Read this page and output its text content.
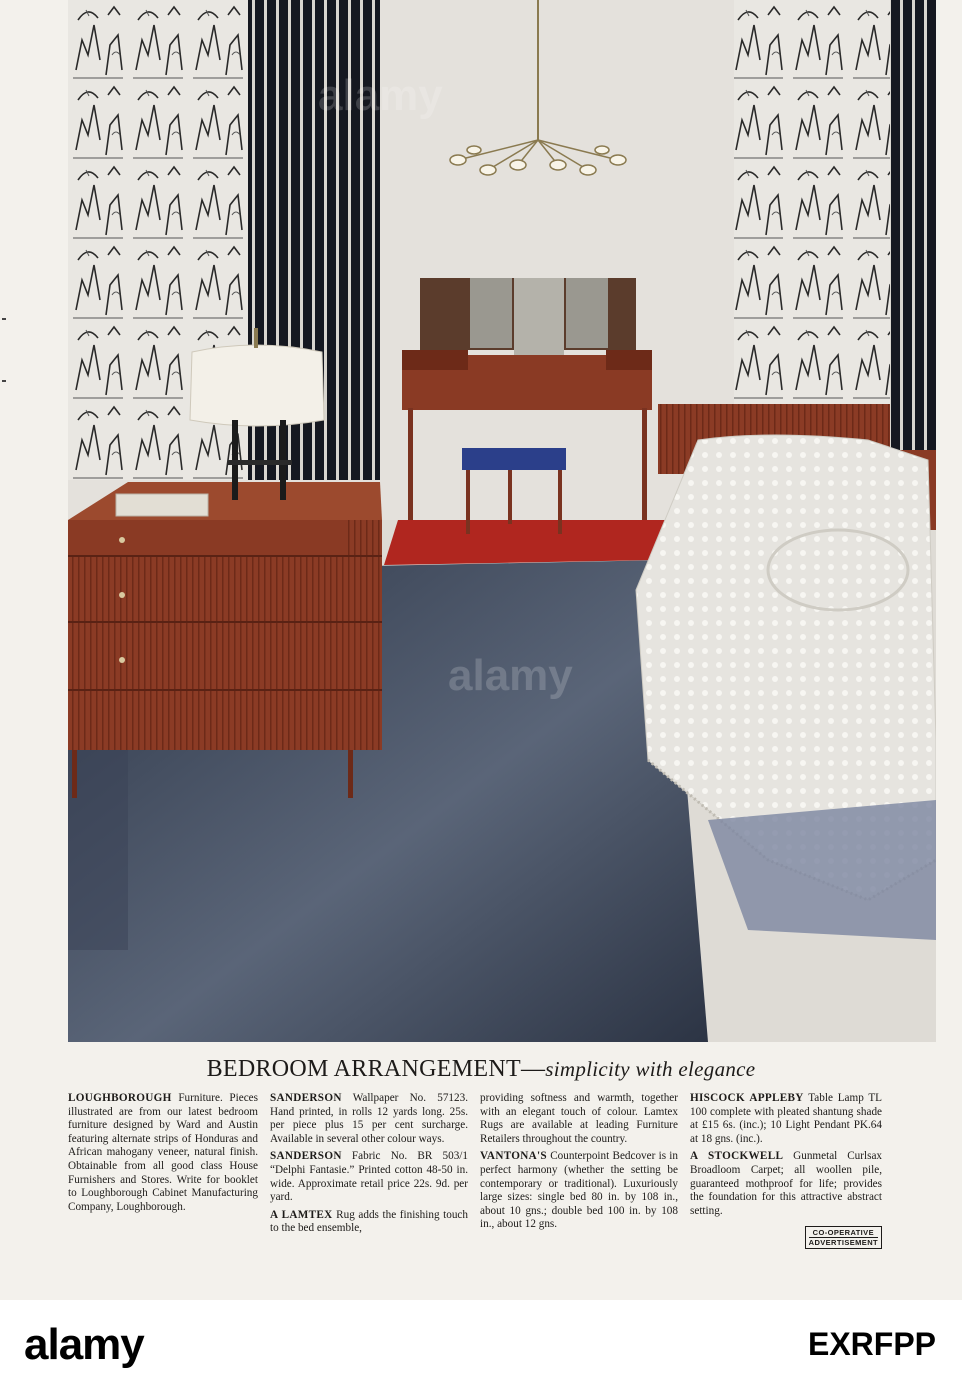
alamy
alamy
BEDROOM ARRANGEMENT—simplicity with elegance

LOUGHBOROUGH Furniture. Pieces illustrated are from our latest bedroom furniture designed by Ward and Austin featuring alternate strips of Honduras and African mahogany veneer, natural finish. Obtainable from all good class House Furnishers and Stores. Write for booklet to Loughborough Cabinet Manufacturing Company, Loughborough.

SANDERSON Wallpaper No. 57123. Hand printed, in rolls 12 yards long. 25s. per piece plus 15 per cent surcharge. Available in several other colour ways.

SANDERSON Fabric No. BR 503/1 “Delphi Fantasie.” Printed cotton 48-50 in. wide. Approximate retail price 22s. 9d. per yard.

A LAMTEX Rug adds the finishing touch to the bed ensemble,

providing softness and warmth, together with an elegant touch of colour. Lamtex Rugs are available at leading Furniture Retailers throughout the country.

VANTONA'S Counterpoint Bedcover is in perfect harmony (whether the setting be contemporary or traditional). Luxuriously large sizes: single bed 80 in. by 108 in., about 10 gns.; double bed 100 in. by 108 in., about 12 gns.

HISCOCK APPLEBY Table Lamp TL 100 complete with pleated shantung shade at £15 6s. (inc.); 10 Light Pendant PK.64 at 18 gns. (inc.).

A STOCKWELL Gunmetal Curlsax Broadloom Carpet; all woollen pile, guaranteed mothproof for life; provides the foundation for this attractive abstract setting.

CO-OPERATIVE
ADVERTISEMENT
alamy	EXRFPP
